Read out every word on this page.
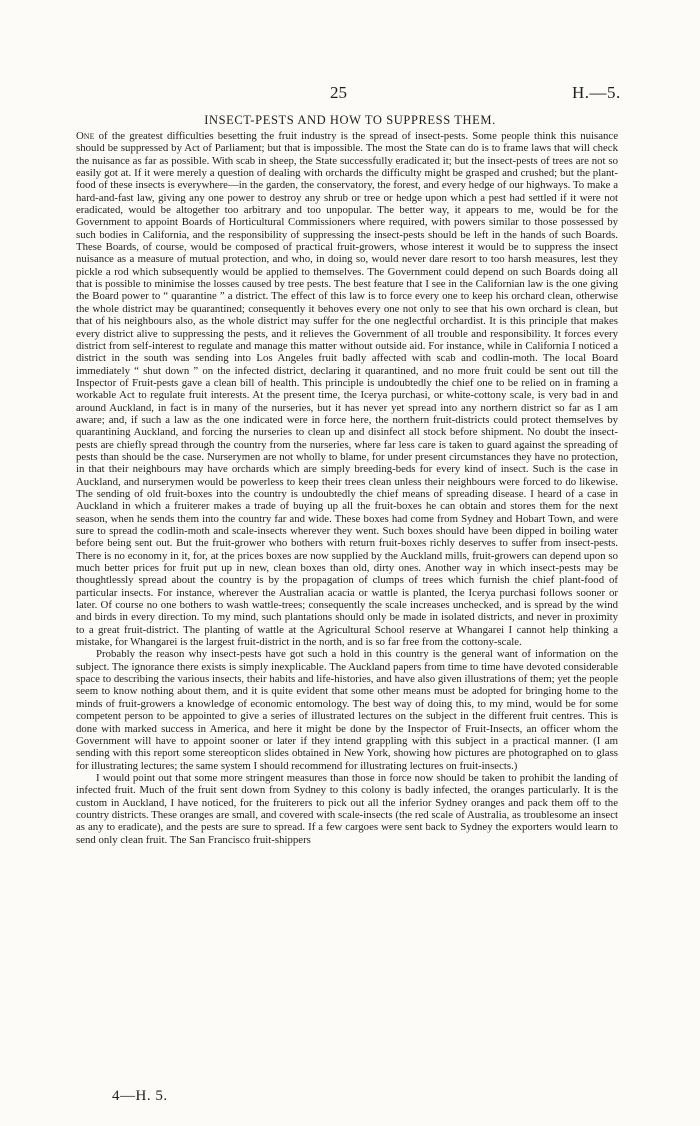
25	H.—5.
INSECT-PESTS AND HOW TO SUPPRESS THEM.

One of the greatest difficulties besetting the fruit industry is the spread of insect-pests. Some people think this nuisance should be suppressed by Act of Parliament; but that is impossible. The most the State can do is to frame laws that will check the nuisance as far as possible. With scab in sheep, the State successfully eradicated it; but the insect-pests of trees are not so easily got at. If it were merely a question of dealing with orchards the difficulty might be grasped and crushed; but the plant-food of these insects is everywhere—in the garden, the conservatory, the forest, and every hedge of our highways. To make a hard-and-fast law, giving any one power to destroy any shrub or tree or hedge upon which a pest had settled if it were not eradicated, would be altogether too arbitrary and too unpopular. The better way, it appears to me, would be for the Government to appoint Boards of Horticultural Commissioners where required, with powers similar to those possessed by such bodies in California, and the responsibility of suppressing the insect-pests should be left in the hands of such Boards. These Boards, of course, would be composed of practical fruit-growers, whose interest it would be to suppress the insect nuisance as a measure of mutual protection, and who, in doing so, would never dare resort to too harsh measures, lest they pickle a rod which subsequently would be applied to themselves. The Government could depend on such Boards doing all that is possible to minimise the losses caused by tree pests. The best feature that I see in the Californian law is the one giving the Board power to “ quarantine ” a district. The effect of this law is to force every one to keep his orchard clean, otherwise the whole district may be quarantined; consequently it behoves every one not only to see that his own orchard is clean, but that of his neighbours also, as the whole district may suffer for the one neglectful orchardist. It is this principle that makes every district alive to suppressing the pests, and it relieves the Government of all trouble and responsibility. It forces every district from self-interest to regulate and manage this matter without outside aid. For instance, while in California I noticed a district in the south was sending into Los Angeles fruit badly affected with scab and codlin-moth. The local Board immediately “ shut down ” on the infected district, declaring it quarantined, and no more fruit could be sent out till the Inspector of Fruit-pests gave a clean bill of health. This principle is undoubtedly the chief one to be relied on in framing a workable Act to regulate fruit interests. At the present time, the Icerya purchasi, or white-cottony scale, is very bad in and around Auckland, in fact is in many of the nurseries, but it has never yet spread into any northern district so far as I am aware; and, if such a law as the one indicated were in force here, the northern fruit-districts could protect themselves by quarantining Auckland, and forcing the nurseries to clean up and disinfect all stock before shipment. No doubt the insect-pests are chiefly spread through the country from the nurseries, where far less care is taken to guard against the spreading of pests than should be the case. Nurserymen are not wholly to blame, for under present circumstances they have no protection, in that their neighbours may have orchards which are simply breeding-beds for every kind of insect. Such is the case in Auckland, and nurserymen would be powerless to keep their trees clean unless their neighbours were forced to do likewise. The sending of old fruit-boxes into the country is undoubtedly the chief means of spreading disease. I heard of a case in Auckland in which a fruiterer makes a trade of buying up all the fruit-boxes he can obtain and stores them for the next season, when he sends them into the country far and wide. These boxes had come from Sydney and Hobart Town, and were sure to spread the codlin-moth and scale-insects wherever they went. Such boxes should have been dipped in boiling water before being sent out. But the fruit-grower who bothers with return fruit-boxes richly deserves to suffer from insect-pests. There is no economy in it, for, at the prices boxes are now supplied by the Auckland mills, fruit-growers can depend upon so much better prices for fruit put up in new, clean boxes than old, dirty ones. Another way in which insect-pests may be thoughtlessly spread about the country is by the propagation of clumps of trees which furnish the chief plant-food of particular insects. For instance, wherever the Australian acacia or wattle is planted, the Icerya purchasi follows sooner or later. Of course no one bothers to wash wattle-trees; consequently the scale increases unchecked, and is spread by the wind and birds in every direction. To my mind, such plantations should only be made in isolated districts, and never in proximity to a great fruit-district. The planting of wattle at the Agricultural School reserve at Whangarei I cannot help thinking a mistake, for Whangarei is the largest fruit-district in the north, and is so far free from the cottony-scale.

Probably the reason why insect-pests have got such a hold in this country is the general want of information on the subject. The ignorance there exists is simply inexplicable. The Auckland papers from time to time have devoted considerable space to describing the various insects, their habits and life-histories, and have also given illustrations of them; yet the people seem to know nothing about them, and it is quite evident that some other means must be adopted for bringing home to the minds of fruit-growers a knowledge of economic entomology. The best way of doing this, to my mind, would be for some competent person to be appointed to give a series of illustrated lectures on the subject in the different fruit centres. This is done with marked success in America, and here it might be done by the Inspector of Fruit-Insects, an officer whom the Government will have to appoint sooner or later if they intend grappling with this subject in a practical manner. (I am sending with this report some stereopticon slides obtained in New York, showing how pictures are photographed on to glass for illustrating lectures; the same system I should recommend for illustrating lectures on fruit-insects.)

I would point out that some more stringent measures than those in force now should be taken to prohibit the landing of infected fruit. Much of the fruit sent down from Sydney to this colony is badly infected, the oranges particularly. It is the custom in Auckland, I have noticed, for the fruiterers to pick out all the inferior Sydney oranges and pack them off to the country districts. These oranges are small, and covered with scale-insects (the red scale of Australia, as troublesome an insect as any to eradicate), and the pests are sure to spread. If a few cargoes were sent back to Sydney the exporters would learn to send only clean fruit. The San Francisco fruit-shippers

4—H. 5.
